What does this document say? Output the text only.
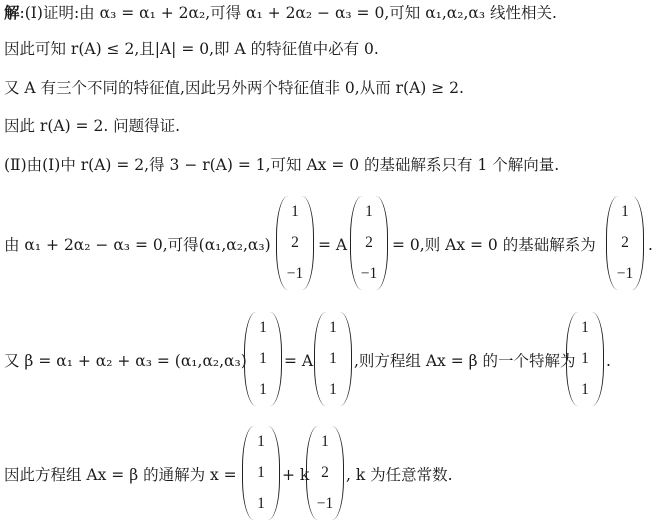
解:(Ⅰ)证明:由 α₃ = α₁ + 2α₂,可得 α₁ + 2α₂ − α₃ = 0,可知 α₁,α₂,α₃ 线性相关.
因此可知 r(A) ≤ 2,且|A| = 0,即 A 的特征值中必有 0.
又 A 有三个不同的特征值,因此另外两个特征值非 0,从而 r(A) ≥ 2.
因此 r(A) = 2. 问题得证.
(Ⅱ)由(Ⅰ)中 r(A) = 2,得 3 − r(A) = 1,可知 Ax = 0 的基础解系只有 1 个解向量.
由 α₁ + 2α₂ − α₃ = 0,可得(α₁,α₂,α₃)
1
2
−1
= A
1
2
−1
= 0,则 Ax = 0 的基础解系为
1
2
−1
.
又 β = α₁ + α₂ + α₃ = (α₁,α₂,α₃)
1
1
1
= A
1
1
1
,则方程组 Ax = β 的一个特解为
1
1
1
.
因此方程组 Ax = β 的通解为 x =
1
1
1
+ k
1
2
−1
, k 为任意常数.
